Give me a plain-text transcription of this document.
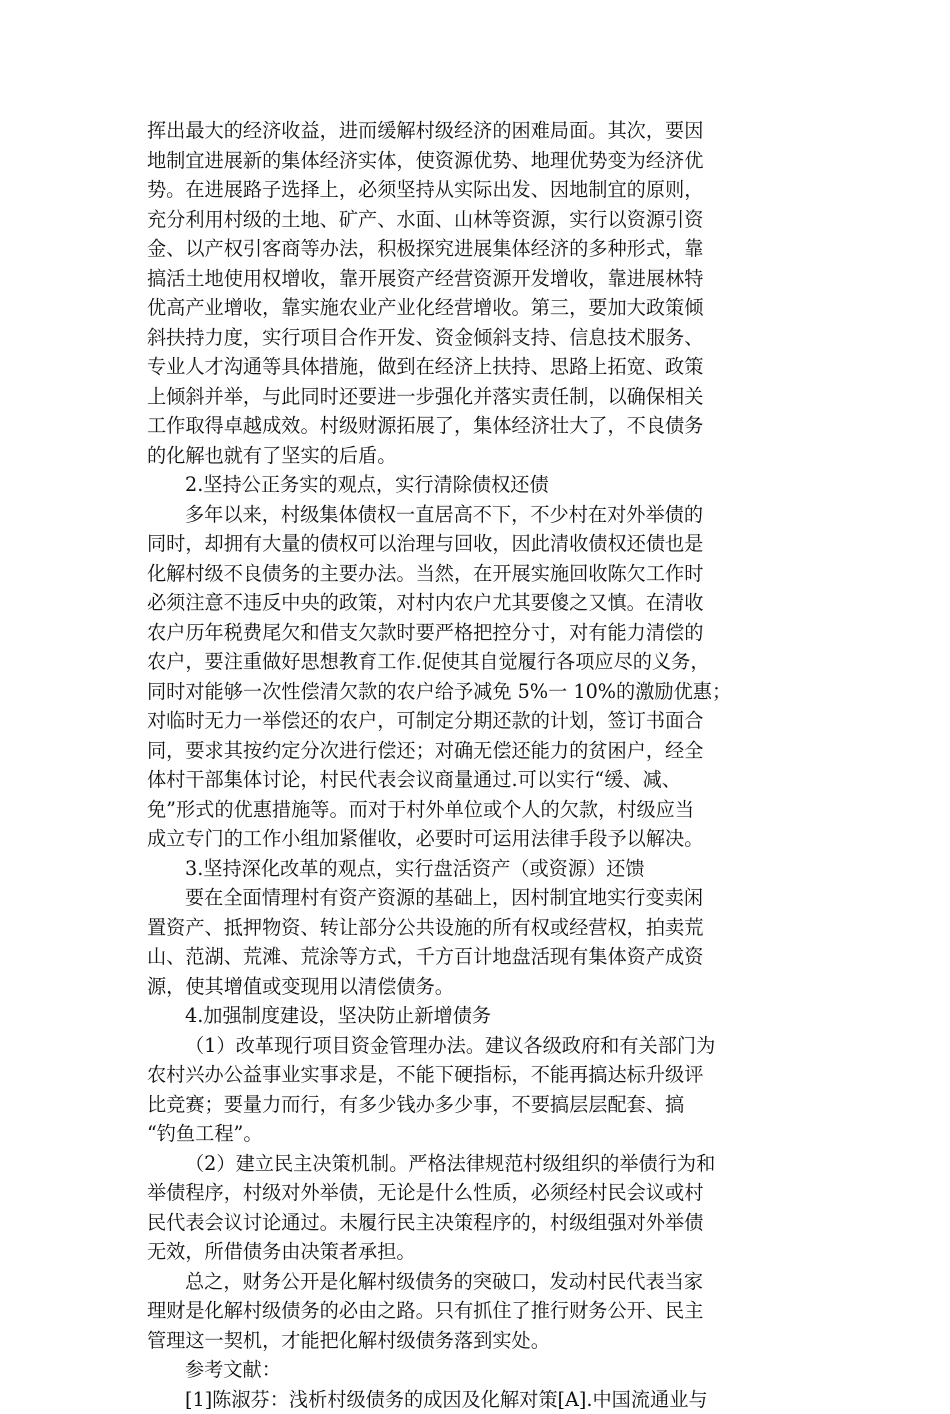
挥出最大的经济收益，进而缓解村级经济的困难局面。其次，要因
地制宜进展新的集体经济实体，使资源优势、地理优势变为经济优
势。在进展路子选择上，必须坚持从实际出发、因地制宜的原则，
充分利用村级的土地、矿产、水面、山林等资源，实行以资源引资
金、以产权引客商等办法，积极探究进展集体经济的多种形式，靠
搞活土地使用权增收，靠开展资产经营资源开发增收，靠进展林特
优高产业增收，靠实施农业产业化经营增收。第三，要加大政策倾
斜扶持力度，实行项目合作开发、资金倾斜支持、信息技术服务、
专业人才沟通等具体措施，做到在经济上扶持、思路上拓宽、政策
上倾斜并举，与此同时还要进一步强化并落实责任制，以确保相关
工作取得卓越成效。村级财源拓展了，集体经济壮大了，不良债务
的化解也就有了坚实的后盾。
2.坚持公正务实的观点，实行清除债权还债
多年以来，村级集体债权一直居高不下，不少村在对外举债的
同时，却拥有大量的债权可以治理与回收，因此清收债权还债也是
化解村级不良债务的主要办法。当然，在开展实施回收陈欠工作时
必须注意不违反中央的政策，对村内农户尤其要傻之又慎。在清收
农户历年税费尾欠和借支欠款时要严格把控分寸，对有能力清偿的
农户，要注重做好思想教育工作.促使其自觉履行各项应尽的义务，
同时对能够一次性偿清欠款的农户给予减免 5%一 10%的激励优惠；
对临时无力一举偿还的农户，可制定分期还款的计划，签订书面合
同，要求其按约定分次进行偿还；对确无偿还能力的贫困户，经全
体村干部集体讨论，村民代表会议商量通过.可以实行“缓、减、
免”形式的优惠措施等。而对于村外单位或个人的欠款，村级应当
成立专门的工作小组加紧催收，必要时可运用法律手段予以解决。
3.坚持深化改革的观点，实行盘活资产（或资源）还馈
要在全面情理村有资产资源的基础上，因村制宜地实行变卖闲
置资产、抵押物资、转让部分公共设施的所有权或经营权，拍卖荒
山、范湖、荒滩、荒涂等方式，千方百计地盘活现有集体资产成资
源，使其增值或变现用以清偿债务。
4.加强制度建设，坚决防止新增债务
（1）改革现行项目资金管理办法。建议各级政府和有关部门为
农村兴办公益事业实事求是，不能下硬指标，不能再搞达标升级评
比竞赛；要量力而行，有多少钱办多少事，不要搞层层配套、搞
“钓鱼工程”。
（2）建立民主决策机制。严格法律规范村级组织的举债行为和
举债程序，村级对外举债，无论是什么性质，必须经村民会议或村
民代表会议讨论通过。未履行民主决策程序的，村级组强对外举债
无效，所借债务由决策者承担。
总之，财务公开是化解村级债务的突破口，发动村民代表当家
理财是化解村级债务的必由之路。只有抓住了推行财务公开、民主
管理这一契机，才能把化解村级债务落到实处。
参考文献：
[1]陈淑芬：浅析村级债务的成因及化解对策[A].中国流通业与
